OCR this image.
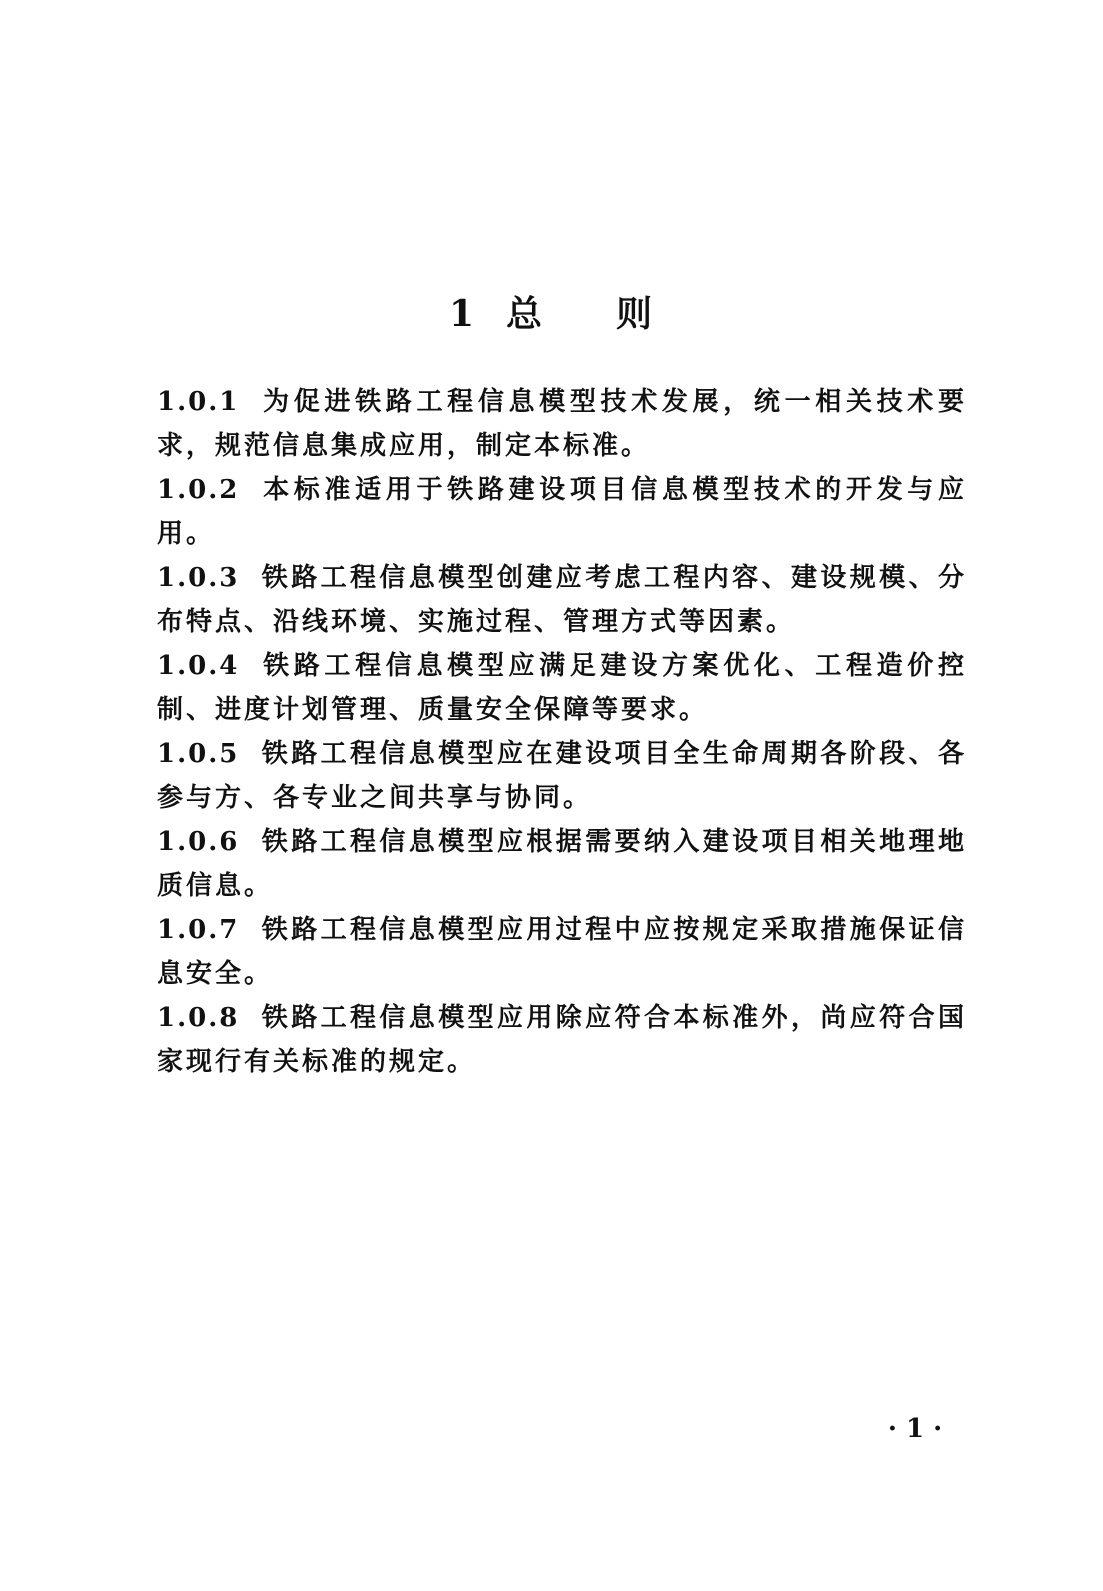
1 总 则
1.0.1 为促进铁路工程信息模型技术发展，统一相关技术要求，规范信息集成应用，制定本标准。
1.0.2 本标准适用于铁路建设项目信息模型技术的开发与应用。
1.0.3 铁路工程信息模型创建应考虑工程内容、建设规模、分布特点、沿线环境、实施过程、管理方式等因素。
1.0.4 铁路工程信息模型应满足建设方案优化、工程造价控制、进度计划管理、质量安全保障等要求。
1.0.5 铁路工程信息模型应在建设项目全生命周期各阶段、各参与方、各专业之间共享与协同。
1.0.6 铁路工程信息模型应根据需要纳入建设项目相关地理地质信息。
1.0.7 铁路工程信息模型应用过程中应按规定采取措施保证信息安全。
1.0.8 铁路工程信息模型应用除应符合本标准外，尚应符合国家现行有关标准的规定。
· 1 ·
